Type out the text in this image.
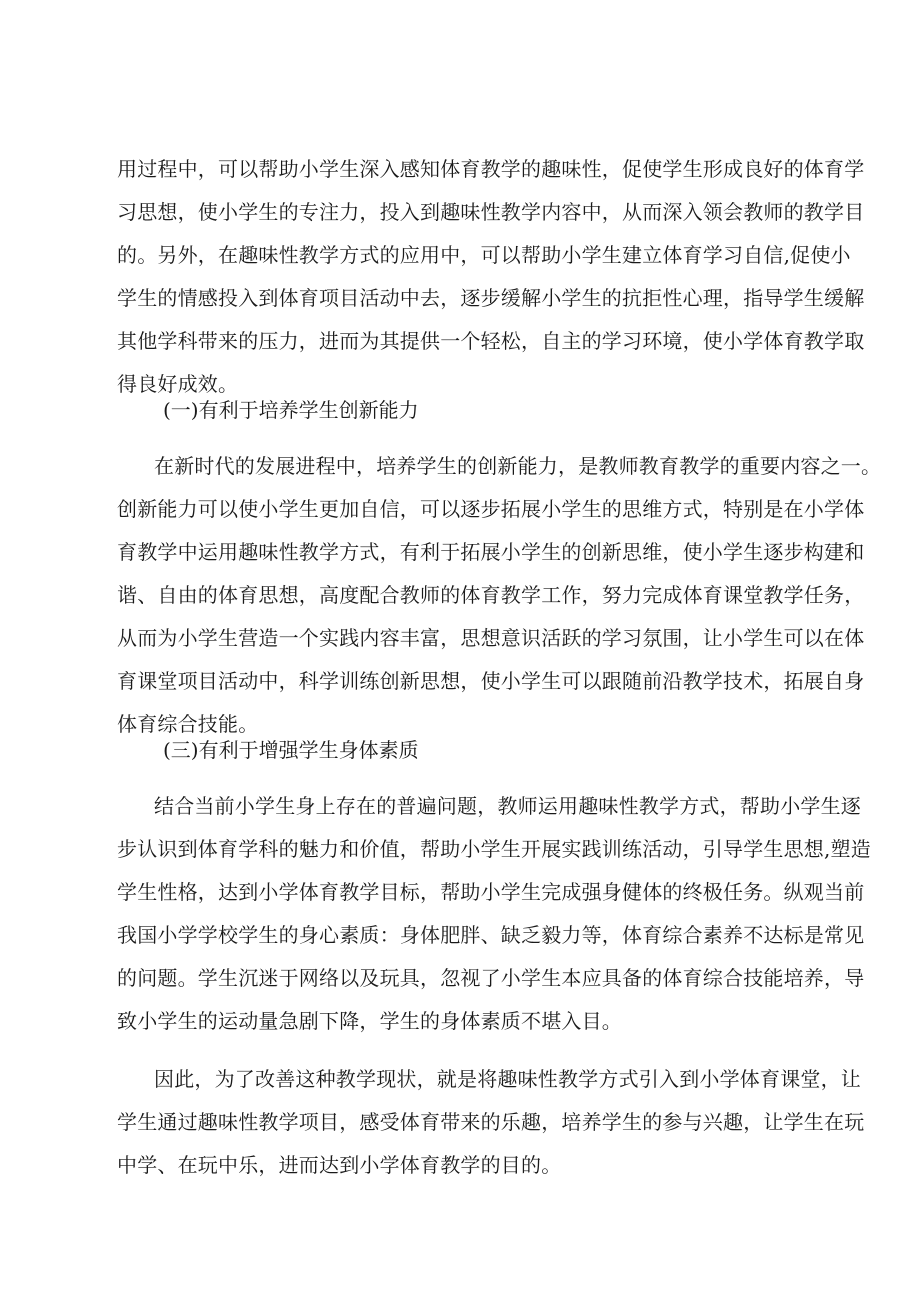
用过程中，可以帮助小学生深入感知体育教学的趣味性，促使学生形成良好的体育学
习思想，使小学生的专注力，投入到趣味性教学内容中，从而深入领会教师的教学目
的。另外，在趣味性教学方式的应用中，可以帮助小学生建立体育学习自信,促使小
学生的情感投入到体育项目活动中去，逐步缓解小学生的抗拒性心理，指导学生缓解
其他学科带来的压力，进而为其提供一个轻松，自主的学习环境，使小学体育教学取
得良好成效。
(一)有利于培养学生创新能力
在新时代的发展进程中，培养学生的创新能力，是教师教育教学的重要内容之一。
创新能力可以使小学生更加自信，可以逐步拓展小学生的思维方式，特别是在小学体
育教学中运用趣味性教学方式，有利于拓展小学生的创新思维，使小学生逐步构建和
谐、自由的体育思想，高度配合教师的体育教学工作，努力完成体育课堂教学任务，
从而为小学生营造一个实践内容丰富，思想意识活跃的学习氛围，让小学生可以在体
育课堂项目活动中，科学训练创新思想，使小学生可以跟随前沿教学技术，拓展自身
体育综合技能。
(三)有利于增强学生身体素质
结合当前小学生身上存在的普遍问题，教师运用趣味性教学方式，帮助小学生逐
步认识到体育学科的魅力和价值，帮助小学生开展实践训练活动，引导学生思想,塑造
学生性格，达到小学体育教学目标，帮助小学生完成强身健体的终极任务。纵观当前
我国小学学校学生的身心素质：身体肥胖、缺乏毅力等，体育综合素养不达标是常见
的问题。学生沉迷于网络以及玩具，忽视了小学生本应具备的体育综合技能培养，导
致小学生的运动量急剧下降，学生的身体素质不堪入目。
因此，为了改善这种教学现状，就是将趣味性教学方式引入到小学体育课堂，让
学生通过趣味性教学项目，感受体育带来的乐趣，培养学生的参与兴趣，让学生在玩
中学、在玩中乐，进而达到小学体育教学的目的。
